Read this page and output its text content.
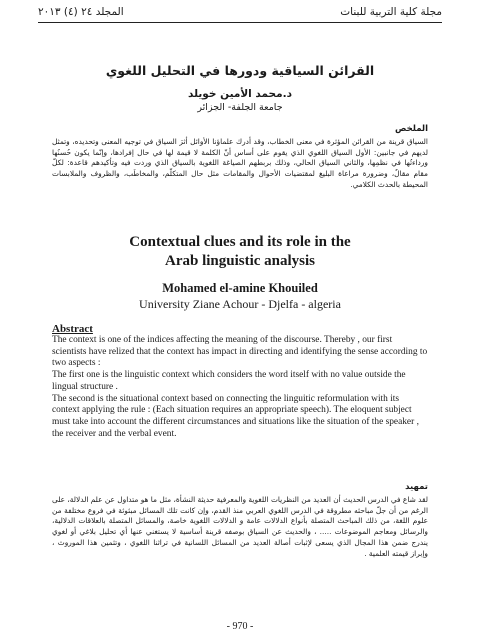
مجلة كلية التربية للبنات
المجلد ٢٤ (٤) ٢٠١٣
القرائن السياقية ودورها في التحليل اللغوي
د.محمد الأمين خويلد
جامعة الجلفة- الجزائر
الملخص
السياق قرينة من القرائن المؤثرة في معنى الخطاب، وقد أدرك علماؤنا الأوائل أثرَ السياق في توجيه المعنى وتحديده، وتمثل لديهم في جانبين: الأول السياق اللغوي الذي يقوم على أساس أنّ الكلمة لا قيمة لها في حال إفرادها، وإنّما يكون حُسنُها ورداءتُها في نظمِها، والثاني السياق الحالي، وذلك بربطهم الصياغة اللغوية بالسياق الذي وردت فيه وتأكيدهم قاعدة: لكلّ مقام مقالٌ، وضرورة مراعاة البليغ لمقتضيات الأحوال والمقامات مثل حال المتكلّم، والمخاطَب، والظروف والملابسات المحيطة بالحدث الكلامي.
Contextual clues and its role in the
Arab linguistic analysis
Mohamed el-amine Khouiled
University Ziane Achour - Djelfa - algeria
Abstract

The context is one of the indices affecting the meaning of the discourse. Thereby , our first scientists have relized that the context has impact in directing and identifying the sense according to two aspects :

The first one is the linguistic context which considers the word itself with no value outside the lingual structure .

The second is the situational context based on connecting the linguitic reformulation with its context applying the rule : (Each situation requires an appropriate speech). The eloquent subject must take into account the different circumstances and situations like the situation of the speaker , the receiver and the verbal event.

تمهيد
لقد شاع في الدرس الحديث أن العديد من النظريات اللغوية والمعرفية حديثة النشأة، مثل ما هو متداول عن علم الدلالة، على الرغم من أن جلّ مباحثه مطروقة في الدرس اللغوي العربي منذ القدم، وإن كانت تلك المسائل مبثوثة في فروع مختلفة من علوم اللغة، من ذلك المباحث المتصلة بأنواع الدلالات عامة و الدلالات اللغوية خاصة، والمسائل المتصلة بالعلاقات الدلالية، والرسائل ومعاجم الموضوعات ..... ، والحديث عن السياق بوصفه قرينة أساسية لا يستغني عنها أي تحليل بلاغي أو لغوي يندرج ضمن هذا المجال الذي يسعى لإثبات أصالة العديد من المسائل اللسانية في تراثنا اللغوي ، وتثمين هذا الموروث ، وإبراز قيمته العلمية .
- 970 -
